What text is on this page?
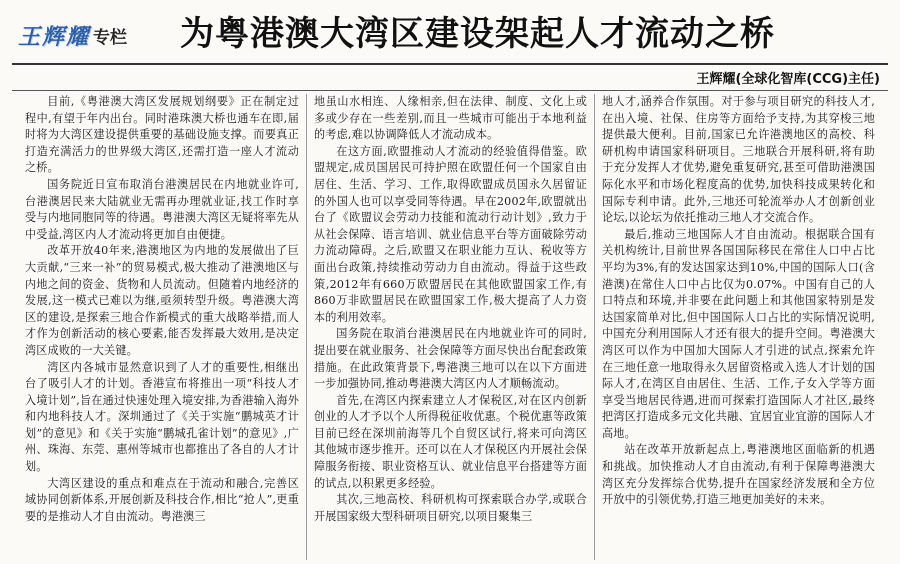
王辉耀 专栏 为粤港澳大湾区建设架起人才流动之桥
王辉耀(全球化智库(CCG)主任)

目前,《粤港澳大湾区发展规划纲要》正在制定过程中,有望于年内出台。同时港珠澳大桥也通车在即,届时将为大湾区建设提供重要的基础设施支撑。而要真正打造充满活力的世界级大湾区,还需打造一座人才流动之桥。

国务院近日宣布取消台港澳居民在内地就业许可,台港澳居民来大陆就业无需再办理就业证,找工作时享受与内地同胞同等的待遇。粤港澳大湾区无疑将率先从中受益,湾区内人才流动将更加自由便捷。

改革开放40年来,港澳地区为内地的发展做出了巨大贡献,“三来一补”的贸易模式,极大推动了港澳地区与内地之间的资金、货物和人员流动。但随着内地经济的发展,这一模式已难以为继,亟须转型升级。粤港澳大湾区的建设,是探索三地合作新模式的重大战略举措,而人才作为创新活动的核心要素,能否发挥最大效用,是决定湾区成败的一大关键。

湾区内各城市显然意识到了人才的重要性,相继出台了吸引人才的计划。香港宣布将推出一项“科技人才入境计划”,旨在通过快速处理入境安排,为香港输入海外和内地科技人才。深圳通过了《关于实施“鹏城英才计划”的意见》和《关于实施“鹏城孔雀计划”的意见》,广州、珠海、东莞、惠州等城市也都推出了各自的人才计划。

大湾区建设的重点和难点在于流动和融合,完善区域协同创新体系,开展创新及科技合作,相比“抢人”,更重要的是推动人才自由流动。粤港澳三

地虽山水相连、人缘相亲,但在法律、制度、文化上或多或少存在一些差别,而且一些城市可能出于本地利益的考虑,难以协调降低人才流动成本。

在这方面,欧盟推动人才流动的经验值得借鉴。欧盟规定,成员国居民可持护照在欧盟任何一个国家自由居住、生活、学习、工作,取得欧盟成员国永久居留证的外国人也可以享受同等待遇。早在2002年,欧盟就出台了《欧盟议会劳动力技能和流动行动计划》,致力于从社会保障、语言培训、就业信息平台等方面破除劳动力流动障碍。之后,欧盟又在职业能力互认、税收等方面出台政策,持续推动劳动力自由流动。得益于这些政策,2012年有660万欧盟居民在其他欧盟国家工作,有860万非欧盟居民在欧盟国家工作,极大提高了人力资本的利用效率。

国务院在取消台港澳居民在内地就业许可的同时,提出要在就业服务、社会保障等方面尽快出台配套政策措施。在此政策背景下,粤港澳三地可以在以下方面进一步加强协同,推动粤港澳大湾区内人才顺畅流动。

首先,在湾区内探索建立人才保税区,对在区内创新创业的人才予以个人所得税征收优惠。个税优惠等政策目前已经在深圳前海等几个自贸区试行,将来可向湾区其他城市逐步推开。还可以在人才保税区内开展社会保障服务衔接、职业资格互认、就业信息平台搭建等方面的试点,以积累更多经验。

其次,三地高校、科研机构可探索联合办学,或联合开展国家级大型科研项目研究,以项目聚集三

地人才,涵养合作氛围。对于参与项目研究的科技人才,在出入境、社保、住房等方面给予支持,为其穿梭三地提供最大便利。目前,国家已允许港澳地区的高校、科研机构申请国家科研项目。三地联合开展科研,将有助于充分发挥人才优势,避免重复研究,甚至可借助港澳国际化水平和市场化程度高的优势,加快科技成果转化和国际专利申请。此外,三地还可轮流举办人才创新创业论坛,以论坛为依托推动三地人才交流合作。

最后,推动三地国际人才自由流动。根据联合国有关机构统计,目前世界各国国际移民在常住人口中占比平均为3%,有的发达国家达到10%,中国的国际人口(含港澳)在常住人口中占比仅为0.07%。中国有自己的人口特点和环境,并非要在此问题上和其他国家特别是发达国家简单对比,但中国国际人口占比的实际情况说明,中国充分利用国际人才还有很大的提升空间。粤港澳大湾区可以作为中国加大国际人才引进的试点,探索允许在三地任意一地取得永久居留资格或入选人才计划的国际人才,在湾区自由居住、生活、工作,子女入学等方面享受当地居民待遇,进而可探索打造国际人才社区,最终把湾区打造成多元文化共融、宜居宜业宜游的国际人才高地。

站在改革开放新起点上,粤港澳地区面临新的机遇和挑战。加快推动人才自由流动,有利于保障粤港澳大湾区充分发挥综合优势,提升在国家经济发展和全方位开放中的引领优势,打造三地更加美好的未来。
